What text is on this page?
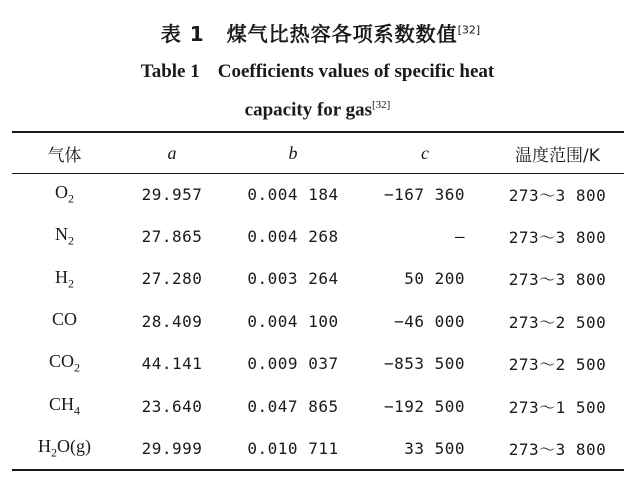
表 1 煤气比热容各项系数数值[32]
Table 1 Coefficients values of specific heat
capacity for gas[32]
气体	a	b	c	温度范围/K
$O_2$	29.957	0.004 184	−167 360	273～3 800
$N_2$	27.865	0.004 268	—	273～3 800
$H_2$	27.280	0.003 264	50 200	273～3 800
CO	28.409	0.004 100	−46 000	273～2 500
$CO_2$	44.141	0.009 037	−853 500	273～2 500
$CH_4$	23.640	0.047 865	−192 500	273～1 500
$H_2O(g)$	29.999	0.010 711	33 500	273～3 800
